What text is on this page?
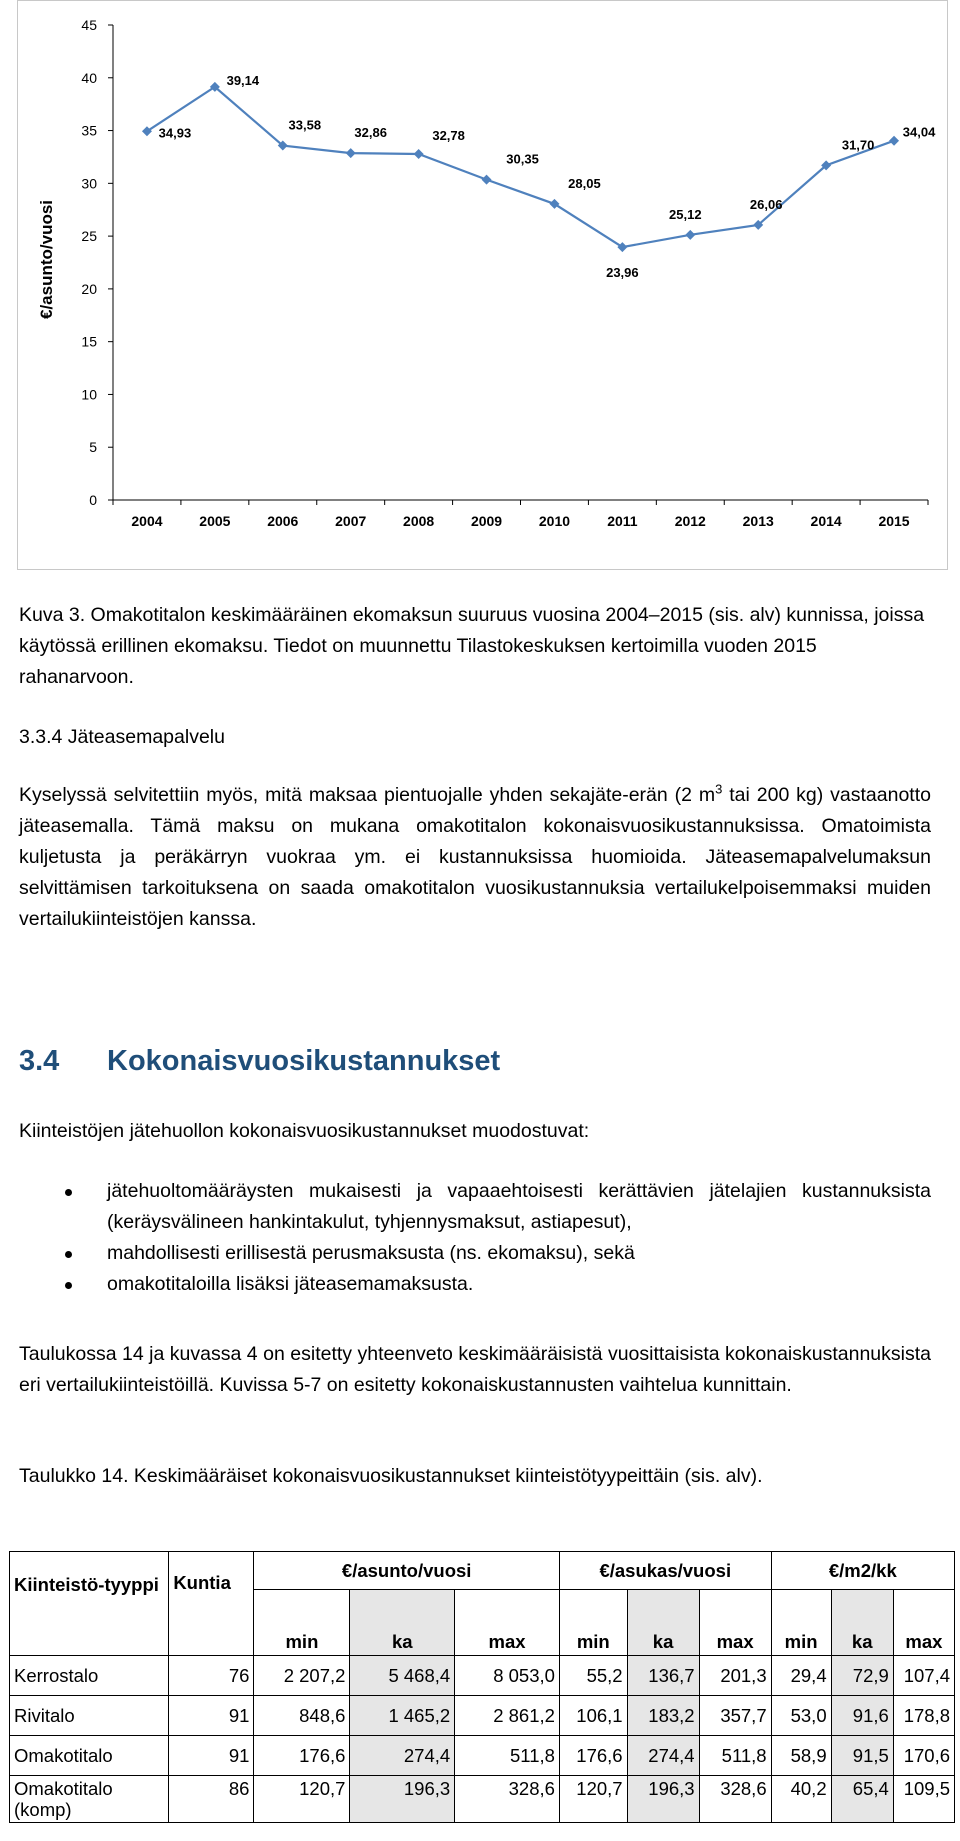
0
5
10
15
20
25
30
35
40
45
2004	2005	2006	2007	2008	2009	2010	2011	2012	2013	2014	2015
€/asunto/vuosi
34,93
39,14
33,58
32,86	32,78
30,35
28,05
23,96
25,12
26,06
31,70
34,04

Kuva 3. Omakotitalon keskimääräinen ekomaksun suuruus vuosina 2004–2015 (sis. alv) kunnissa, joissa käytössä erillinen ekomaksu. Tiedot on muunnettu Tilastokeskuksen kertoimilla vuoden 2015 rahanarvoon.

3.3.4 Jäteasemapalvelu

Kyselyssä selvitettiin myös, mitä maksaa pientuojalle yhden sekajäte-erän (2 $m^3$ tai 200 kg) vastaanotto jäteasemalla. Tämä maksu on mukana omakotitalon kokonaisvuosikustannuksissa. Omatoimista kuljetusta ja peräkärryn vuokraa ym. ei kustannuksissa huomioida. Jäteasemapalvelumaksun selvittämisen tarkoituksena on saada omakotitalon vuosikustannuksia vertailukelpoisemmaksi muiden vertailukiinteistöjen kanssa.

3.4 Kokonaisvuosikustannukset

Kiinteistöjen jätehuollon kokonaisvuosikustannukset muodostuvat:

jätehuoltomääräysten mukaisesti ja vapaaehtoisesti kerättävien jätelajien kustannuksista (keräysvälineen hankintakulut, tyhjennysmaksut, astiapesut),
mahdollisesti erillisestä perusmaksusta (ns. ekomaksu), sekä
omakotitaloilla lisäksi jäteasemamaksusta.

Taulukossa 14 ja kuvassa 4 on esitetty yhteenveto keskimääräisistä vuosittaisista kokonaiskustannuksista eri vertailukiinteistöillä. Kuvissa 5-7 on esitetty kokonaiskustannusten vaihtelua kunnittain.

Taulukko 14. Keskimääräiset kokonaisvuosikustannukset kiinteistötyypeittäin (sis. alv).

Kiinteistö-tyyppi	Kuntia	€/asunto/vuosi			€/asukas/vuosi			€/m2/kk		
		min	ka	max	min	ka	max	min	ka	max
Kerrostalo	76	2 207,2	5 468,4	8 053,0	55,2	136,7	201,3	29,4	72,9	107,4
Rivitalo	91	848,6	1 465,2	2 861,2	106,1	183,2	357,7	53,0	91,6	178,8
Omakotitalo	91	176,6	274,4	511,8	176,6	274,4	511,8	58,9	91,5	170,6
Omakotitalo (komp)	86	120,7	196,3	328,6	120,7	196,3	328,6	40,2	65,4	109,5
